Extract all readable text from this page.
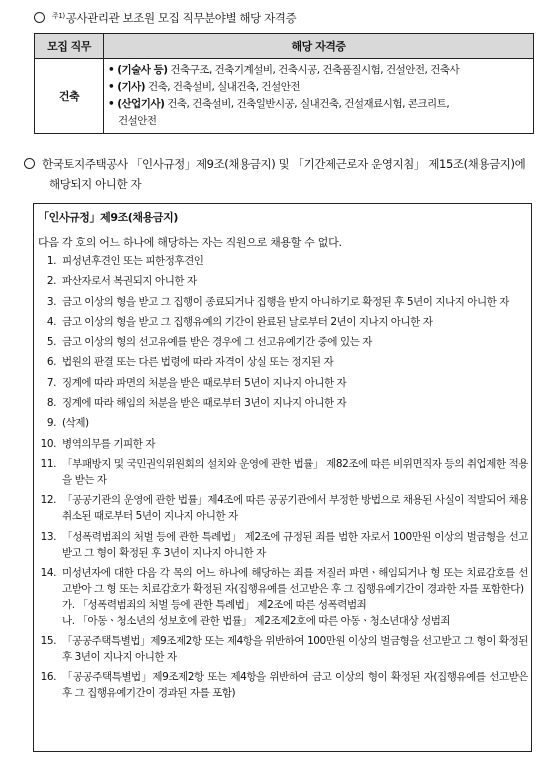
$^{주1)}$공사관리관 보조원 모집 직무분야별 해당 자격증
모집 직무	해당 자격증
건축	• (기술사 등) 건축구조, 건축기계설비, 건축시공, 건축품질시험, 건설안전, 건축사
• (기사) 건축, 건축설비, 실내건축, 건설안전
• (산업기사) 건축, 건축설비, 건축일반시공, 실내건축, 건설재료시험, 콘크리트,
건설안전
한국토지주택공사 「인사규정」제9조(채용금지) 및 「기간제근로자 운영지침」 제15조(채용금지)에
해당되지 아니한 자
「인사규정」제9조(채용금지)
다음 각 호의 어느 하나에 해당하는 자는 직원으로 채용할 수 없다.
1. 피성년후견인 또는 피한정후견인
2. 파산자로서 복권되지 아니한 자
3. 금고 이상의 형을 받고 그 집행이 종료되거나 집행을 받지 아니하기로 확정된 후 5년이 지나지 아니한 자
4. 금고 이상의 형을 받고 그 집행유예의 기간이 완료된 날로부터 2년이 지나지 아니한 자
5. 금고 이상의 형의 선고유예를 받은 경우에 그 선고유예기간 중에 있는 자
6. 법원의 판결 또는 다른 법령에 따라 자격이 상실 또는 정지된 자
7. 징계에 따라 파면의 처분을 받은 때로부터 5년이 지나지 아니한 자
8. 징계에 따라 해임의 처분을 받은 때로부터 3년이 지나지 아니한 자
9. (삭제)
10. 병역의무를 기피한 자
11. 「부패방지 및 국민권익위원회의 설치와 운영에 관한 법률」 제82조에 따른 비위면직자 등의 취업제한 적용을 받는 자
12. 「공공기관의 운영에 관한 법률」제4조에 따른 공공기관에서 부정한 방법으로 채용된 사실이 적발되어 채용 취소된 때로부터 5년이 지나지 아니한 자
13. 「성폭력범죄의 처벌 등에 관한 특례법」 제2조에 규정된 죄를 범한 자로서 100만원 이상의 벌금형을 선고받고 그 형이 확정된 후 3년이 지나지 아니한 자
14. 미성년자에 대한 다음 각 목의 어느 하나에 해당하는 죄를 저질러 파면ㆍ해임되거나 형 또는 치료감호를 선고받아 그 형 또는 치료감호가 확정된 자(집행유예를 선고받은 후 그 집행유예기간이 경과한 자를 포함한다)
가. 「성폭력범죄의 처벌 등에 관한 특례법」 제2조에 따른 성폭력범죄
나. 「아동ㆍ청소년의 성보호에 관한 법률」 제2조제2호에 따른 아동ㆍ청소년대상 성범죄
15. 「공공주택특별법」제9조제2항 또는 제4항을 위반하여 100만원 이상의 벌금형을 선고받고 그 형이 확정된 후 3년이 지나지 아니한 자
16. 「공공주택특별법」제9조제2항 또는 제4항을 위반하여 금고 이상의 형이 확정된 자(집행유예를 선고받은 후 그 집행유예기간이 경과된 자를 포함)
